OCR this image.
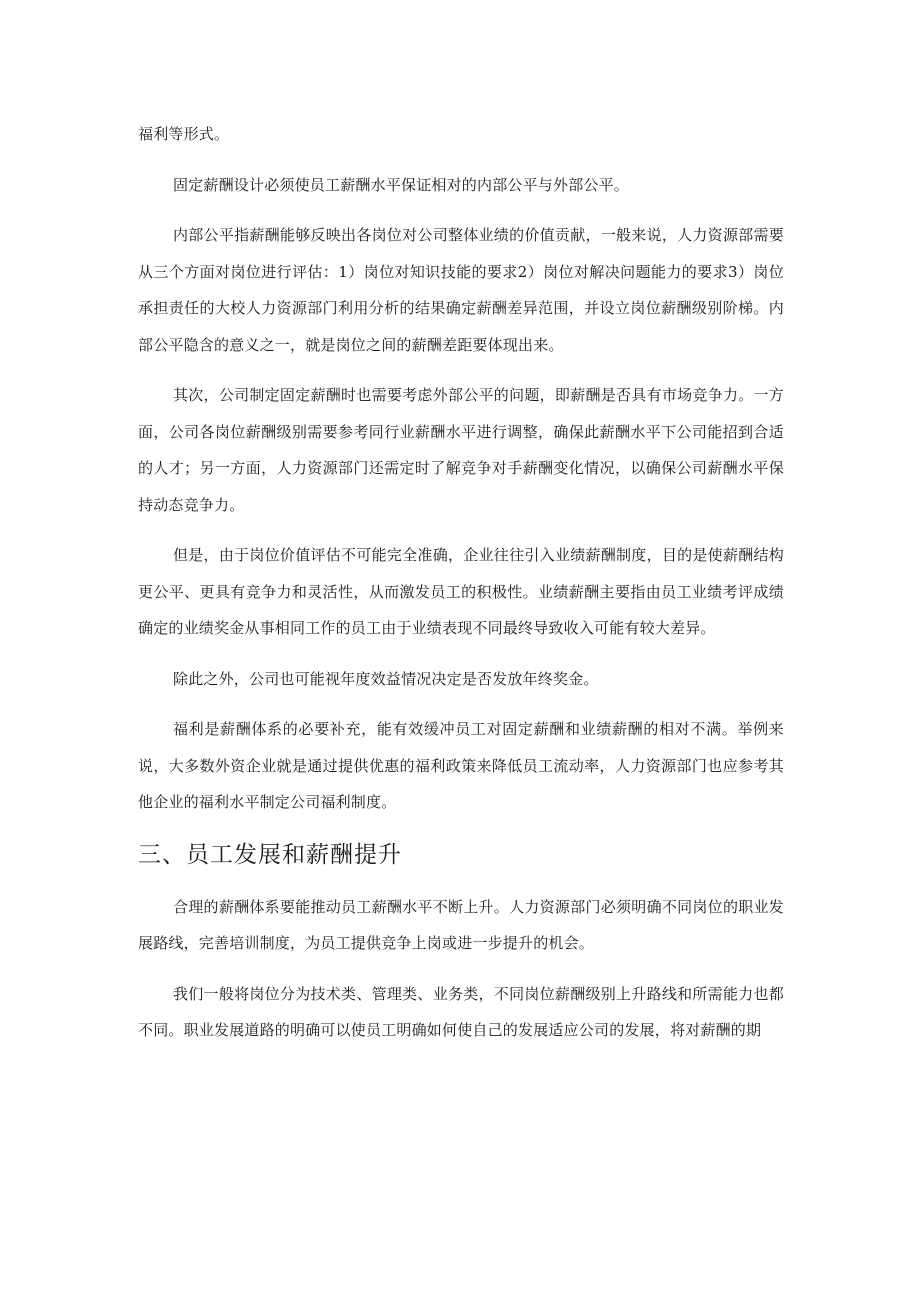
福利等形式。

固定薪酬设计必须使员工薪酬水平保证相对的内部公平与外部公平。

内部公平指薪酬能够反映出各岗位对公司整体业绩的价值贡献，一般来说，人力资源部需要从三个方面对岗位进行评估：1）岗位对知识技能的要求2）岗位对解决问题能力的要求3）岗位承担责任的大校人力资源部门利用分析的结果确定薪酬差异范围，并设立岗位薪酬级别阶梯。内部公平隐含的意义之一，就是岗位之间的薪酬差距要体现出来。

其次，公司制定固定薪酬时也需要考虑外部公平的问题，即薪酬是否具有市场竞争力。一方面，公司各岗位薪酬级别需要参考同行业薪酬水平进行调整，确保此薪酬水平下公司能招到合适的人才；另一方面，人力资源部门还需定时了解竞争对手薪酬变化情况，以确保公司薪酬水平保持动态竞争力。

但是，由于岗位价值评估不可能完全准确，企业往往引入业绩薪酬制度，目的是使薪酬结构更公平、更具有竞争力和灵活性，从而激发员工的积极性。业绩薪酬主要指由员工业绩考评成绩确定的业绩奖金从事相同工作的员工由于业绩表现不同最终导致收入可能有较大差异。

除此之外，公司也可能视年度效益情况决定是否发放年终奖金。

福利是薪酬体系的必要补充，能有效缓冲员工对固定薪酬和业绩薪酬的相对不满。举例来说，大多数外资企业就是通过提供优惠的福利政策来降低员工流动率，人力资源部门也应参考其他企业的福利水平制定公司福利制度。

三、员工发展和薪酬提升

合理的薪酬体系要能推动员工薪酬水平不断上升。人力资源部门必须明确不同岗位的职业发展路线，完善培训制度，为员工提供竞争上岗或进一步提升的机会。

我们一般将岗位分为技术类、管理类、业务类，不同岗位薪酬级别上升路线和所需能力也都不同。职业发展道路的明确可以使员工明确如何使自己的发展适应公司的发展，将对薪酬的期
